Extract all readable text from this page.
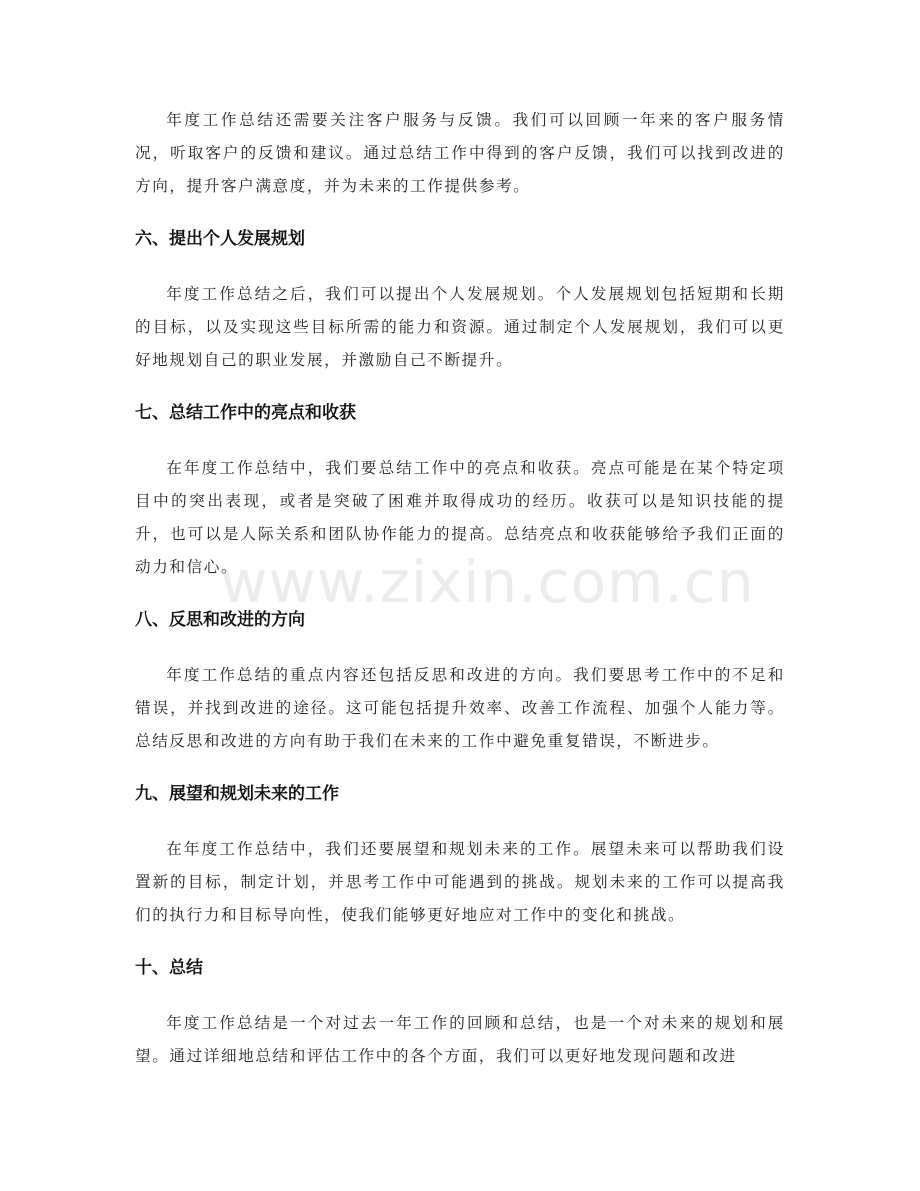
年度工作总结还需要关注客户服务与反馈。我们可以回顾一年来的客户服务情况，听取客户的反馈和建议。通过总结工作中得到的客户反馈，我们可以找到改进的方向，提升客户满意度，并为未来的工作提供参考。

六、提出个人发展规划

年度工作总结之后，我们可以提出个人发展规划。个人发展规划包括短期和长期的目标，以及实现这些目标所需的能力和资源。通过制定个人发展规划，我们可以更好地规划自己的职业发展，并激励自己不断提升。

七、总结工作中的亮点和收获

在年度工作总结中，我们要总结工作中的亮点和收获。亮点可能是在某个特定项目中的突出表现，或者是突破了困难并取得成功的经历。收获可以是知识技能的提升，也可以是人际关系和团队协作能力的提高。总结亮点和收获能够给予我们正面的动力和信心。

八、反思和改进的方向

年度工作总结的重点内容还包括反思和改进的方向。我们要思考工作中的不足和错误，并找到改进的途径。这可能包括提升效率、改善工作流程、加强个人能力等。总结反思和改进的方向有助于我们在未来的工作中避免重复错误，不断进步。

九、展望和规划未来的工作

在年度工作总结中，我们还要展望和规划未来的工作。展望未来可以帮助我们设置新的目标，制定计划，并思考工作中可能遇到的挑战。规划未来的工作可以提高我们的执行力和目标导向性，使我们能够更好地应对工作中的变化和挑战。

十、总结

年度工作总结是一个对过去一年工作的回顾和总结，也是一个对未来的规划和展望。通过详细地总结和评估工作中的各个方面，我们可以更好地发现问题和改进

www.zixin.com.cn
